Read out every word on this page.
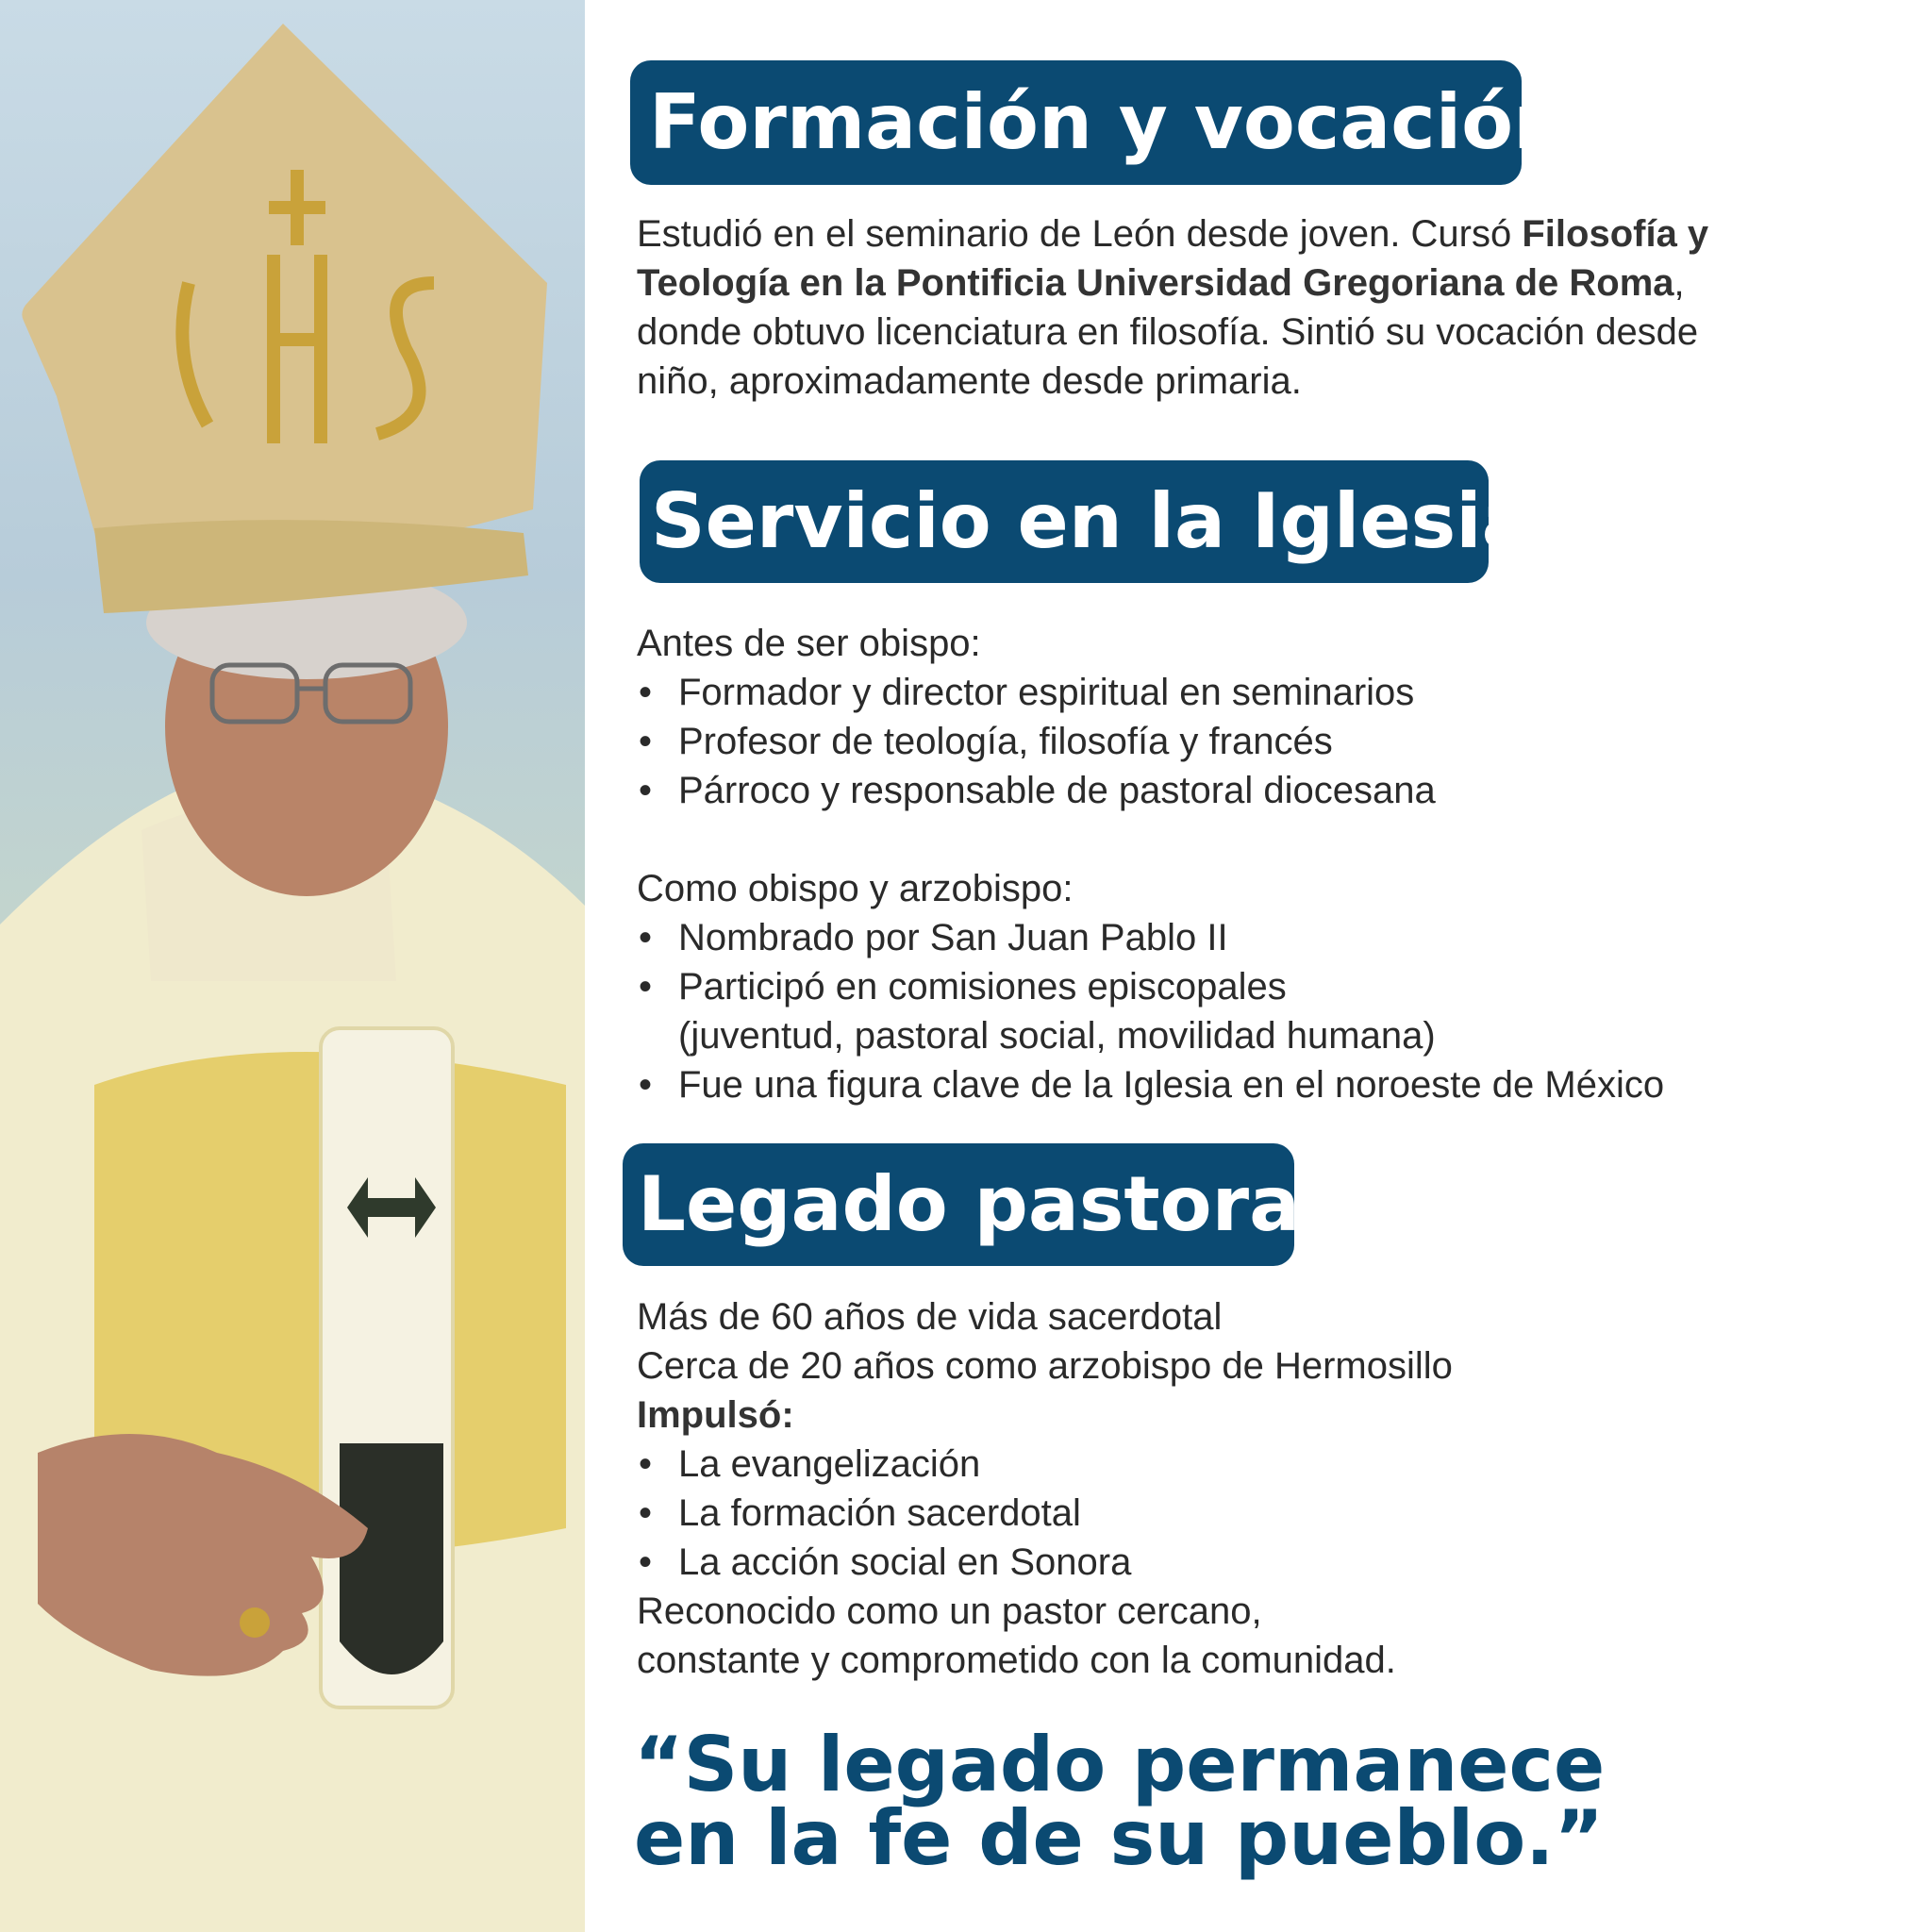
Formación y vocación
Estudió en el seminario de León desde joven. Cursó Filosofía y
Teología en la Pontificia Universidad Gregoriana de Roma,
donde obtuvo licenciatura en filosofía. Sintió su vocación desde
niño, aproximadamente desde primaria.
Servicio en la Iglesia
Antes de ser obispo:
• Formador y director espiritual en seminarios
• Profesor de teología, filosofía y francés
• Párroco y responsable de pastoral diocesana
Como obispo y arzobispo:
• Nombrado por San Juan Pablo II
• Participó en comisiones episcopales
(juventud, pastoral social, movilidad humana)
• Fue una figura clave de la Iglesia en el noroeste de México
Legado pastoral
Más de 60 años de vida sacerdotal
Cerca de 20 años como arzobispo de Hermosillo
Impulsó:
• La evangelización
• La formación sacerdotal
• La acción social en Sonora
Reconocido como un pastor cercano,
constante y comprometido con la comunidad.
“Su legado permanece
en la fe de su pueblo.”
